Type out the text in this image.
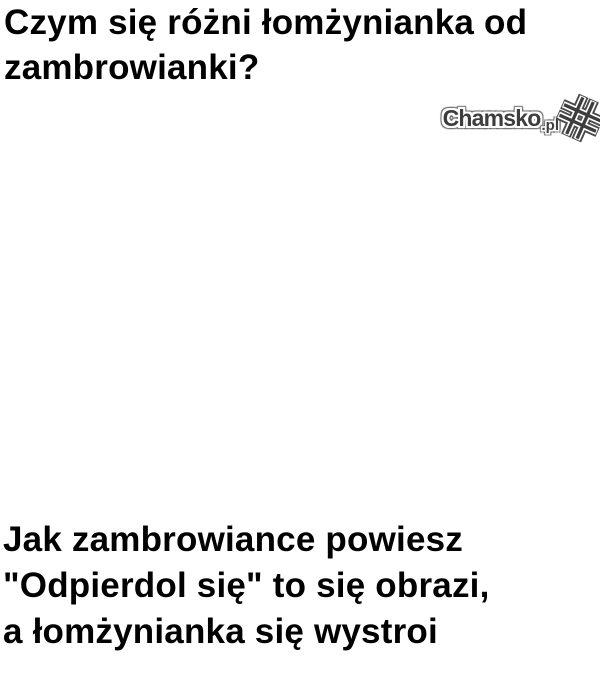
Czym się różni łomżynianka od
zambrowianki?
Chamsko .pl
Jak zambrowiance powiesz
"Odpierdol się" to się obrazi,
a łomżynianka się wystroi
